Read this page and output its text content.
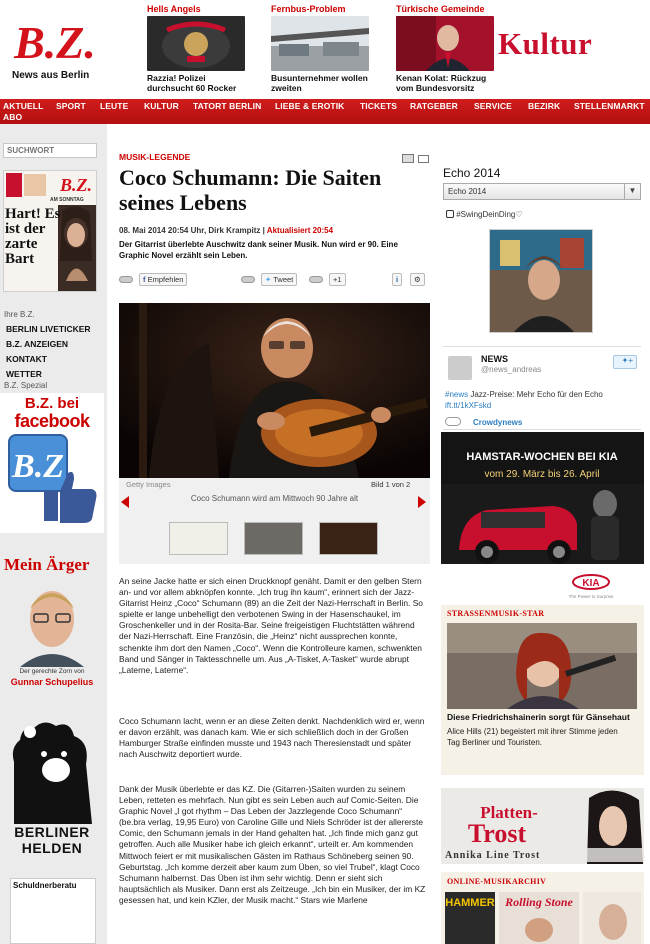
B.Z.
News aus Berlin
Hells Angels
Razzia! Polizei durchsucht 60 Rocker
Fernbus-Problem
Busunternehmer wollen zweiten
Türkische Gemeinde
Kenan Kolat: Rückzug vom Bundesvorsitz
Kultur
AKTUELL SPORT LEUTE KULTUR TATORT BERLIN LIEBE & EROTIK TICKETS RATGEBER SERVICE BEZIRK STELLENMARKT
ABO
SUCHWORT
B.Z.
AM SONNTAG
Hart! Es ist der zarte Bart
Ihre B.Z.
BERLIN LIVETICKER
B.Z. ANZEIGEN
KONTAKT
WETTER
B.Z. Spezial
B.Z. bei
facebook
B.Z
Mein Ärger
Der gerechte Zorn von
Gunnar Schupelius
BERLINER
HELDEN
Schuldnerberatu
MUSIK-LEGENDE
Coco Schumann: Die Saiten seines Lebens
08. Mai 2014 20:54 Uhr, Dirk Krampitz | Aktualisiert 20:54
Der Gitarrist überlebte Auschwitz dank seiner Musik. Nun wird er 90. Eine Graphic Novel erzählt sein Leben.
f Empfehlen	✦ Tweet	+1	i	⚙
Getty Images	Bild 1 von 2
Coco Schumann wird am Mittwoch 90 Jahre alt

An seine Jacke hatte er sich einen Druckknopf genäht. Damit er den gelben Stern an- und vor allem abknöpfen konnte. „Ich trug ihn kaum“, erinnert sich der Jazz-Gitarrist Heinz „Coco“ Schumann (89) an die Zeit der Nazi-Herrschaft in Berlin. So spielte er lange unbehelligt den verbotenen Swing in der Hasenschaukel, im Groschenkeller und in der Rosita-Bar. Seine freigeistigen Fluchtstätten während der Nazi-Herrschaft. Eine Französin, die „Heinz“ nicht aussprechen konnte, schenkte ihm dort den Namen „Coco“. Wenn die Kontrolleure kamen, schwenkten Band und Sänger in Taktesschnelle um. Aus „A-Tisket, A-Tasket“ wurde abrupt „Laterne, Laterne“.

Coco Schumann lacht, wenn er an diese Zeiten denkt. Nachdenklich wird er, wenn er davon erzählt, was danach kam. Wie er sich schließlich doch in der Großen Hamburger Straße einfinden musste und 1943 nach Theresienstadt und später nach Auschwitz deportiert wurde.

Dank der Musik überlebte er das KZ. Die (Gitarren-)Saiten wurden zu seinem Leben, retteten es mehrfach. Nun gibt es sein Leben auch auf Comic-Seiten. Die Graphic Novel „I got rhythm – Das Leben der Jazzlegende Coco Schumann“ (be.bra verlag, 19,95 Euro) von Caroline Gille und Niels Schröder ist der allererste Comic, den Schumann jemals in der Hand gehalten hat. „Ich finde mich ganz gut getroffen. Auch alle Musiker habe ich gleich erkannt“, urteilt er. Am kommenden Mittwoch feiert er mit musikalischen Gästen im Rathaus Schöneberg seinen 90. Geburtstag. „Ich komme derzeit aber kaum zum Üben, so viel Trubel“, klagt Coco Schumann halbernst. Das Üben ist ihm sehr wichtig. Denn er sieht sich hauptsächlich als Musiker. Dann erst als Zeitzeuge. „Ich bin ein Musiker, der im KZ gesessen hat, und kein KZler, der Musik macht.“ Stars wie Marlene

Echo 2014
Echo 2014	▼
#SwingDeinDing♡
NEWS
@news_andreas
✦+
#news Jazz-Preise: Mehr Echo für den Echo
ift.tt/1kXFskd
Crowdynews
HAMSTAR-WOCHEN BEI KIA
vom 29. März bis 26. April
KIA
The Power to Surprise
STRASSENMUSIK-STAR
Diese Friedrichshainerin sorgt für Gänsehaut
Alice Hills (21) begeistert mit ihrer Stimme jeden Tag Berliner und Touristen.
Platten-
Trost
Annika Line Trost
ONLINE-MUSIKARCHIV
HAMMER Rolling Stone
